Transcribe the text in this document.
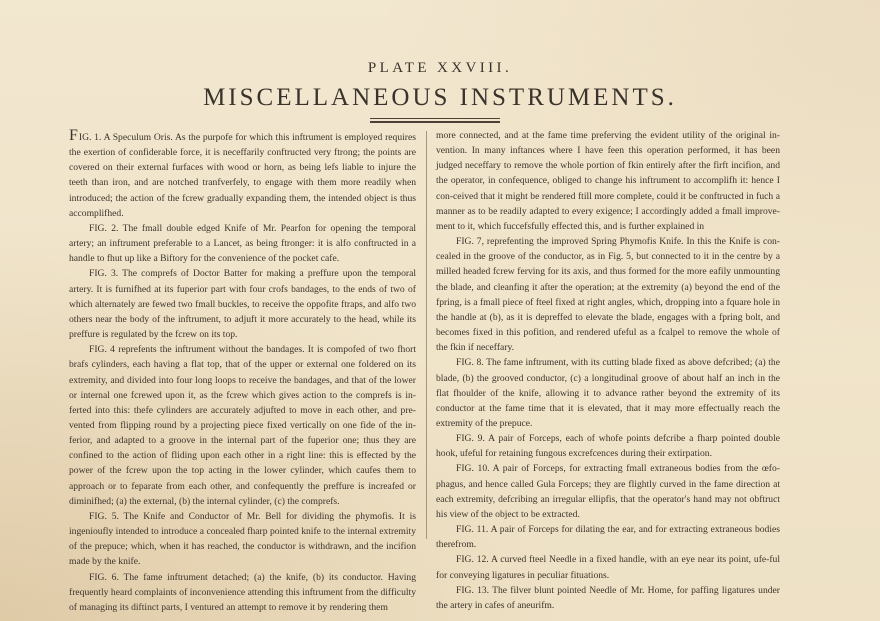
PLATE XXVIII.
MISCELLANEOUS INSTRUMENTS.

FIG. 1. A Speculum Oris. As the purpofe for which this inftrument is employed requires the exertion of confiderable force, it is neceffarily conftructed very ftrong; the points are covered on their external furfaces with wood or horn, as being lefs liable to injure the teeth than iron, and are notched tranfverfely, to engage with them more readily when introduced; the action of the fcrew gradually expanding them, the intended object is thus accomplifhed.

FIG. 2. The fmall double edged Knife of Mr. Pearfon for opening the temporal artery; an inftrument preferable to a Lancet, as being ftronger: it is alfo conftructed in a handle to fhut up like a Biftory for the convenience of the pocket cafe.

FIG. 3. The comprefs of Doctor Batter for making a preffure upon the temporal artery. It is furnifhed at its fuperior part with four crofs bandages, to the ends of two of which alternately are fewed two fmall buckles, to receive the oppofite ftraps, and alfo two others near the body of the inftrument, to adjuft it more accurately to the head, while its preffure is regulated by the fcrew on its top.

FIG. 4 reprefents the inftrument without the bandages. It is compofed of two fhort brafs cylinders, each having a flat top, that of the upper or external one foldered on its extremity, and divided into four long loops to receive the bandages, and that of the lower or internal one fcrewed upon it, as the fcrew which gives action to the comprefs is in-ferted into this: thefe cylinders are accurately adjufted to move in each other, and pre-vented from flipping round by a projecting piece fixed vertically on one fide of the in-ferior, and adapted to a groove in the internal part of the fuperior one; thus they are confined to the action of fliding upon each other in a right line: this is effected by the power of the fcrew upon the top acting in the lower cylinder, which caufes them to approach or to feparate from each other, and confequently the preffure is increafed or diminifhed; (a) the external, (b) the internal cylinder, (c) the comprefs.

FIG. 5. The Knife and Conductor of Mr. Bell for dividing the phymofis. It is ingenioufly intended to introduce a concealed fharp pointed knife to the internal extremity of the prepuce; which, when it has reached, the conductor is withdrawn, and the incifion made by the knife.

FIG. 6. The fame inftrument detached; (a) the knife, (b) its conductor. Having frequently heard complaints of inconvenience attending this inftrument from the difficulty of managing its diftinct parts, I ventured an attempt to remove it by rendering them

more connected, and at the fame time preferving the evident utility of the original in-vention. In many inftances where I have feen this operation performed, it has been judged neceffary to remove the whole portion of fkin entirely after the firft incifion, and the operator, in confequence, obliged to change his inftrument to accomplifh it: hence I con-ceived that it might be rendered ftill more complete, could it be conftructed in fuch a manner as to be readily adapted to every exigence; I accordingly added a fmall improve-ment to it, which fuccefsfully effected this, and is further explained in

FIG. 7, reprefenting the improved Spring Phymofis Knife. In this the Knife is con-cealed in the groove of the conductor, as in Fig. 5, but connected to it in the centre by a milled headed fcrew ferving for its axis, and thus formed for the more eafily unmounting the blade, and cleanfing it after the operation; at the extremity (a) beyond the end of the fpring, is a fmall piece of fteel fixed at right angles, which, dropping into a fquare hole in the handle at (b), as it is depreffed to elevate the blade, engages with a fpring bolt, and becomes fixed in this pofition, and rendered ufeful as a fcalpel to remove the whole of the fkin if neceffary.

FIG. 8. The fame inftrument, with its cutting blade fixed as above defcribed; (a) the blade, (b) the grooved conductor, (c) a longitudinal groove of about half an inch in the flat fhoulder of the knife, allowing it to advance rather beyond the extremity of its conductor at the fame time that it is elevated, that it may more effectually reach the extremity of the prepuce.

FIG. 9. A pair of Forceps, each of whofe points defcribe a fharp pointed double hook, ufeful for retaining fungous excrefcences during their extirpation.

FIG. 10. A pair of Forceps, for extracting fmall extraneous bodies from the œfo-phagus, and hence called Gula Forceps; they are flightly curved in the fame direction at each extremity, defcribing an irregular ellipfis, that the operator's hand may not obftruct his view of the object to be extracted.

FIG. 11. A pair of Forceps for dilating the ear, and for extracting extraneous bodies therefrom.

FIG. 12. A curved fteel Needle in a fixed handle, with an eye near its point, ufe-ful for conveying ligatures in peculiar fituations.

FIG. 13. The filver blunt pointed Needle of Mr. Home, for paffing ligatures under the artery in cafes of aneurifm.
